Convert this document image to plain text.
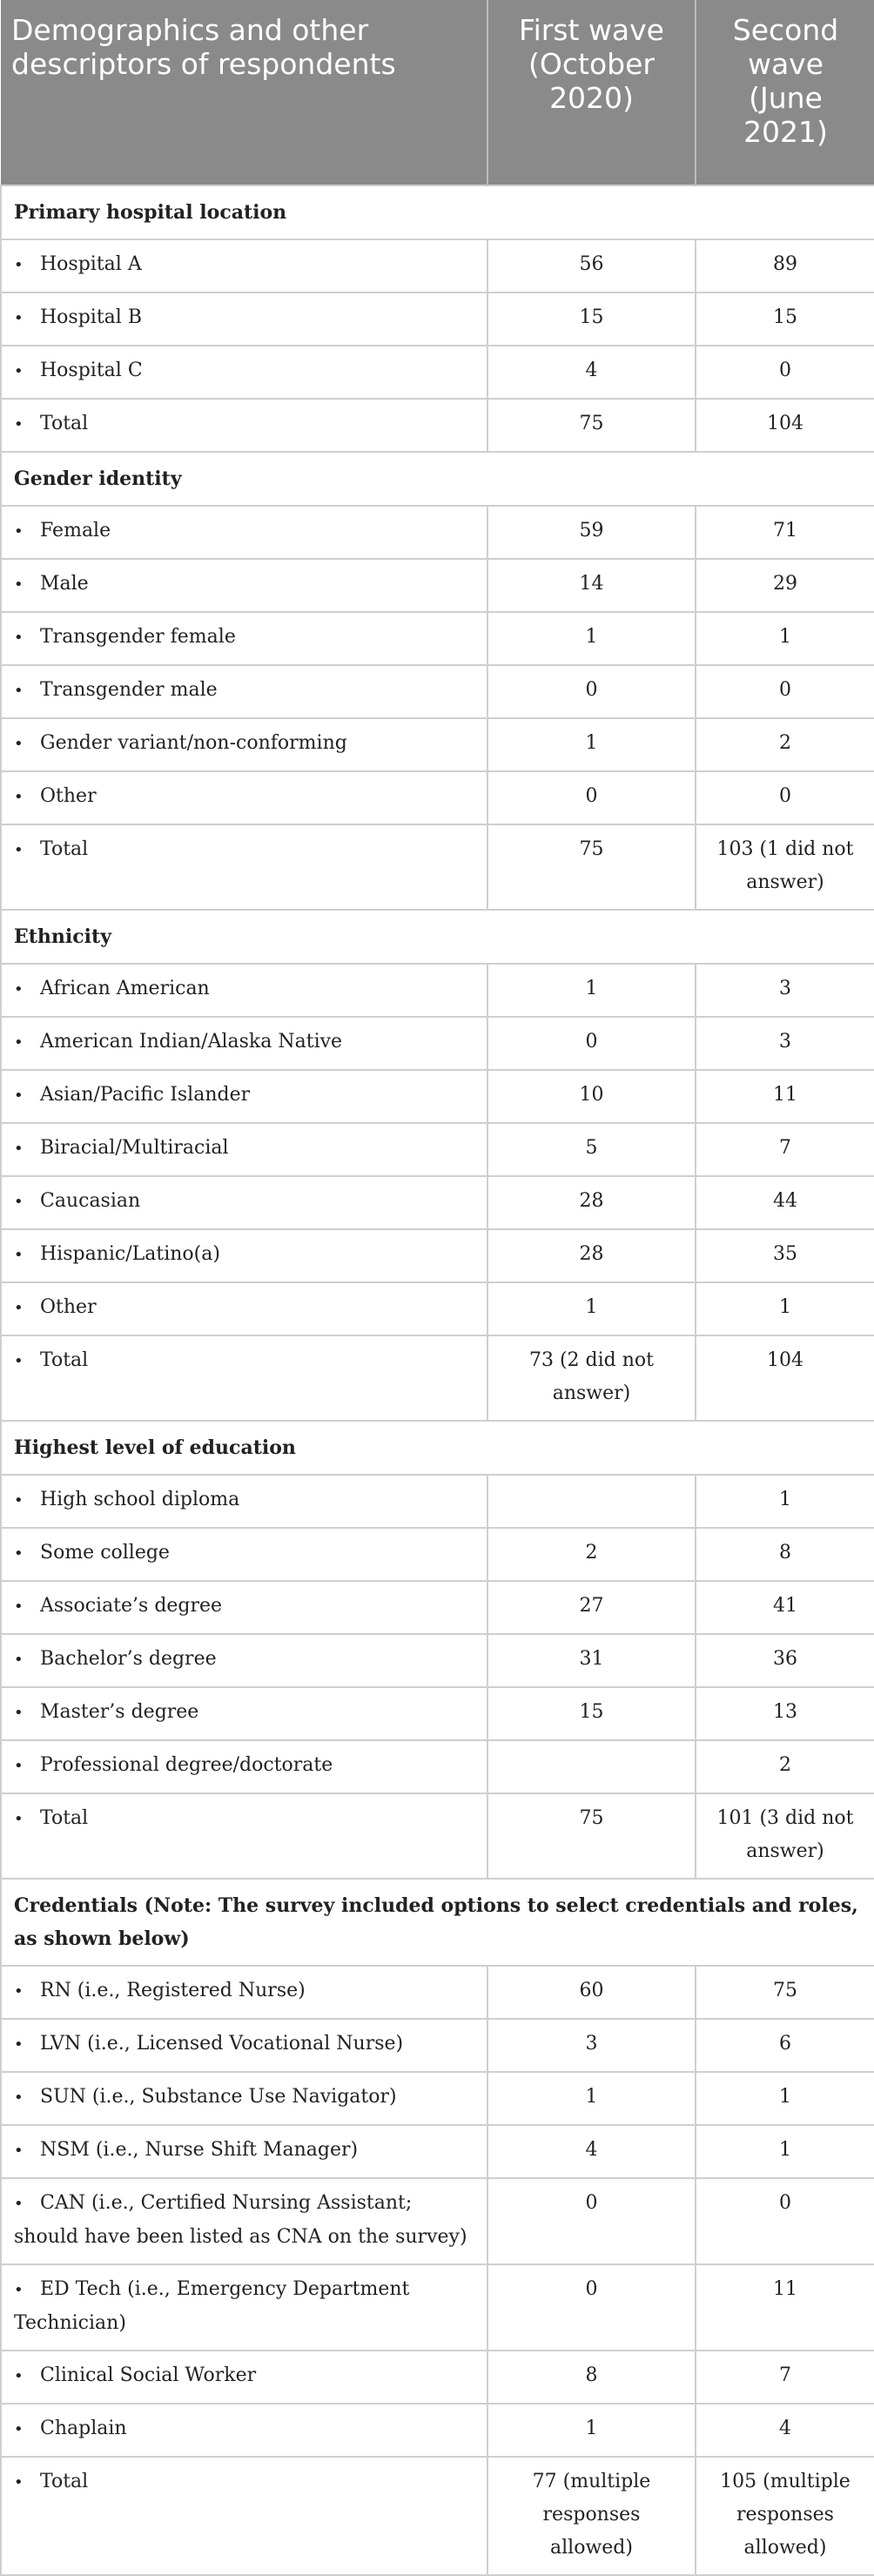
Demographics and other descriptors of respondents	First wave (October 2020)	Second wave (June 2021)
Primary hospital location		
• Hospital A	56	89
• Hospital B	15	15
• Hospital C	4	0
• Total	75	104
Gender identity		
• Female	59	71
• Male	14	29
• Transgender female	1	1
• Transgender male	0	0
• Gender variant/non-conforming	1	2
• Other	0	0
• Total	75	103 (1 did not answer)
Ethnicity		
• African American	1	3
• American Indian/Alaska Native	0	3
• Asian/Pacific Islander	10	11
• Biracial/Multiracial	5	7
• Caucasian	28	44
• Hispanic/Latino(a)	28	35
• Other	1	1
• Total	73 (2 did not answer)	104
Highest level of education		
• High school diploma		1
• Some college	2	8
• Associate’s degree	27	41
• Bachelor’s degree	31	36
• Master’s degree	15	13
• Professional degree/doctorate		2
• Total	75	101 (3 did not answer)
Credentials (Note: The survey included options to select credentials and roles, as shown below)		
• RN (i.e., Registered Nurse)	60	75
• LVN (i.e., Licensed Vocational Nurse)	3	6
• SUN (i.e., Substance Use Navigator)	1	1
• NSM (i.e., Nurse Shift Manager)	4	1
• CAN (i.e., Certified Nursing Assistant; should have been listed as CNA on the survey)	0	0
• ED Tech (i.e., Emergency Department Technician)	0	11
• Clinical Social Worker	8	7
• Chaplain	1	4
• Total	77 (multiple responses allowed)	105 (multiple responses allowed)
